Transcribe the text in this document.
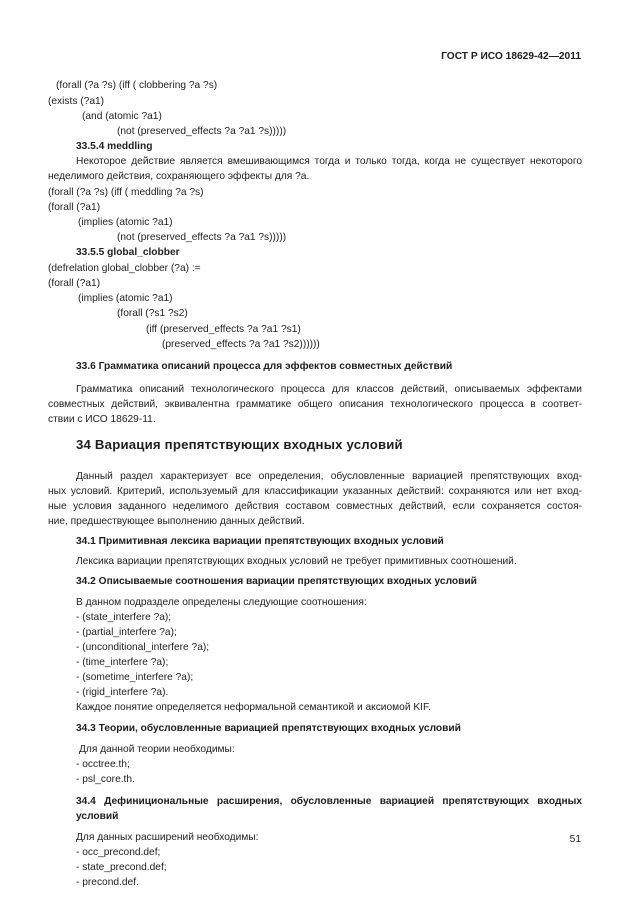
ГОСТ Р ИСО 18629-42—2011
(forall (?a ?s) (iff ( clobbering ?a ?s)
(exists (?a1)
(and (atomic ?a1)
(not (preserved_effects ?a ?a1 ?s)))))
33.5.4 meddling
Некоторое действие является вмешивающимся тогда и только тогда, когда не существует некоторого
неделимого действия, сохраняющего эффекты для ?а.
(forall (?a ?s) (iff ( meddling ?a ?s)
(forall (?a1)
(implies (atomic ?a1)
(not (preserved_effects ?a ?a1 ?s)))))
33.5.5 global_clobber
(defrelation global_clobber (?a) :=
(forall (?a1)
(implies (atomic ?a1)
(forall (?s1 ?s2)
(iff (preserved_effects ?a ?a1 ?s1)
(preserved_effects ?a ?a1 ?s2))))))
33.6 Грамматика описаний процесса для эффектов совместных действий
Грамматика описаний технологического процесса для классов действий, описываемых эффектами
совместных действий, эквивалентна грамматике общего описания технологического процесса в соответ-
ствии с ИСО 18629-11.
34 Вариация препятствующих входных условий
Данный раздел характеризует все определения, обусловленные вариацией препятствующих вход-
ных условий. Критерий, используемый для классификации указанных действий: сохраняются или нет вход-
ные условия заданного неделимого действия составом совместных действий, если сохраняется состоя-
ние, предшествующее выполнению данных действий.
34.1 Примитивная лексика вариации препятствующих входных условий
Лексика вариации препятствующих входных условий не требует примитивных соотношений.
34.2 Описываемые соотношения вариации препятствующих входных условий
В данном подразделе определены следующие соотношения:
- (state_interfere ?a);
- (partial_interfere ?a);
- (unconditional_interfere ?a);
- (time_interfere ?a);
- (sometime_interfere ?a);
- (rigid_interfere ?a).
Каждое понятие определяется неформальной семантикой и аксиомой KIF.
34.3 Теории, обусловленные вариацией препятствующих входных условий
Для данной теории необходимы:
- occtree.th;
- psl_core.th.
34.4 Дефинициональные расширения, обусловленные вариацией препятствующих входных
условий
Для данных расширений необходимы:
- occ_precond.def;
- state_precond.def;
- precond.def.
51
